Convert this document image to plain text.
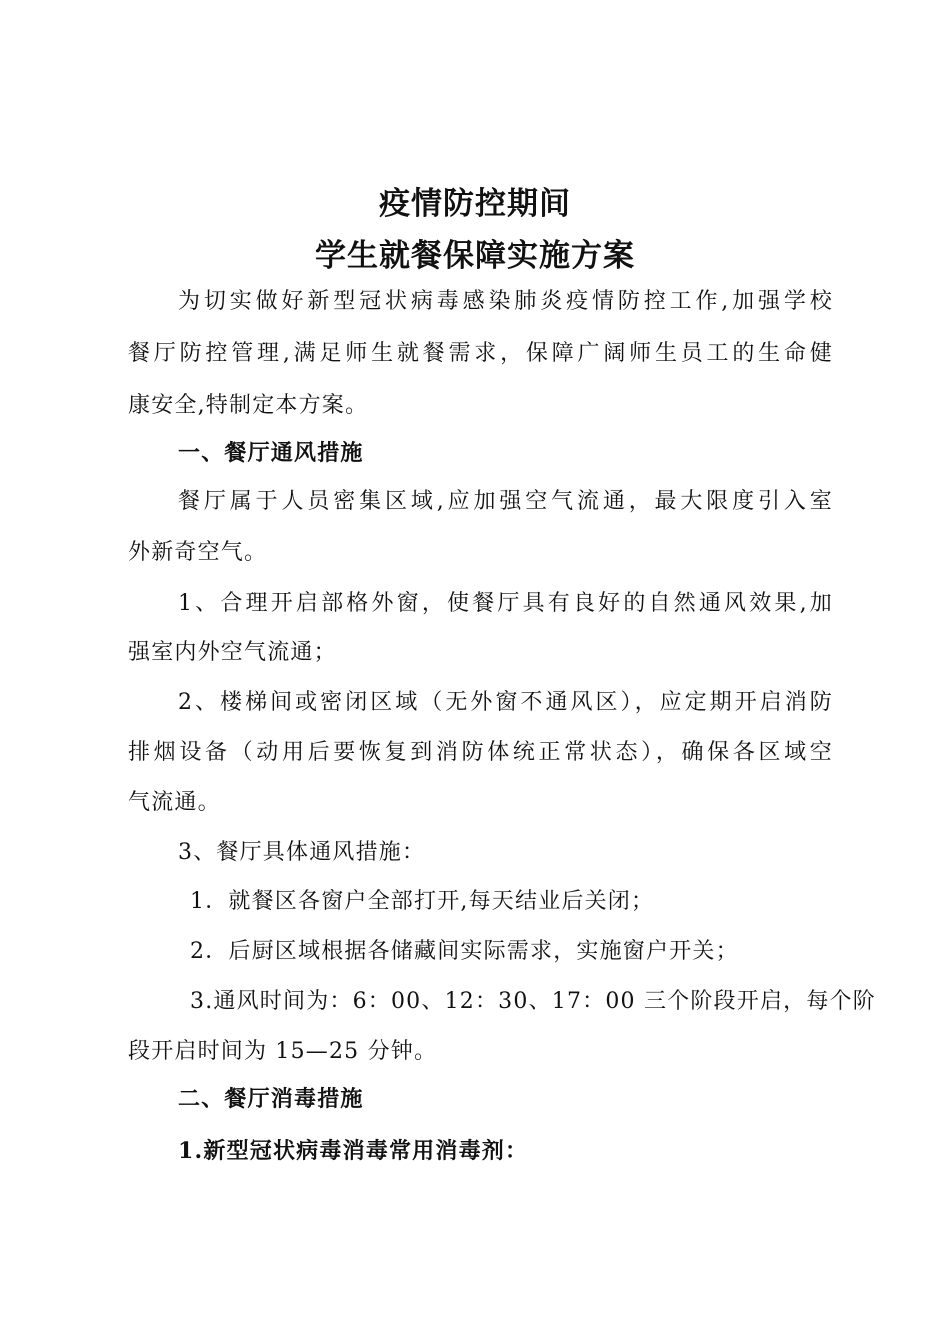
疫情防控期间
学生就餐保障实施方案
为切实做好新型冠状病毒感染肺炎疫情防控工作,加强学校
餐厅防控管理,满足师生就餐需求，保障广阔师生员工的生命健
康安全,特制定本方案。
一、餐厅通风措施
餐厅属于人员密集区域,应加强空气流通，最大限度引入室
外新奇空气。
1、合理开启部格外窗，使餐厅具有良好的自然通风效果,加
强室内外空气流通；
2、楼梯间或密闭区域（无外窗不通风区），应定期开启消防
排烟设备（动用后要恢复到消防体统正常状态），确保各区域空
气流通。
3、餐厅具体通风措施：
1．就餐区各窗户全部打开,每天结业后关闭；
2．后厨区域根据各储藏间实际需求，实施窗户开关；
3.通风时间为：6：00、12：30、17：00 三个阶段开启，每个阶
段开启时间为 15—25 分钟。
二、餐厅消毒措施
1.新型冠状病毒消毒常用消毒剂：
